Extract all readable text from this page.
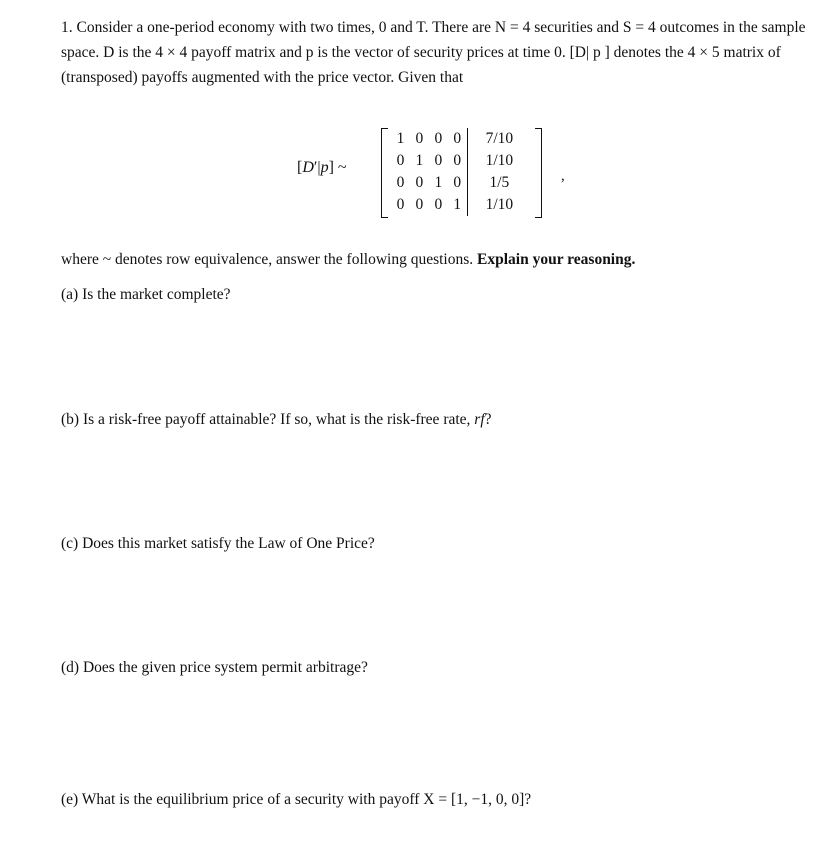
1. Consider a one-period economy with two times, 0 and T. There are N = 4 securities and S = 4 outcomes in the sample space. D is the 4 × 4 payoff matrix and p is the vector of security prices at time 0. [D| p ] denotes the 4 × 5 matrix of (transposed) payoffs augmented with the price vector. Given that

[D′|p] ~
1	0	0	0	7/10
0	1	0	0	1/10
0	0	1	0	1/5
0	0	0	1	1/10
,

where ~ denotes row equivalence, answer the following questions. Explain your reasoning.

(a) Is the market complete?

(b) Is a risk-free payoff attainable? If so, what is the risk-free rate, rf?

(c) Does this market satisfy the Law of One Price?

(d) Does the given price system permit arbitrage?

(e) What is the equilibrium price of a security with payoff X = [1, −1, 0, 0]?
